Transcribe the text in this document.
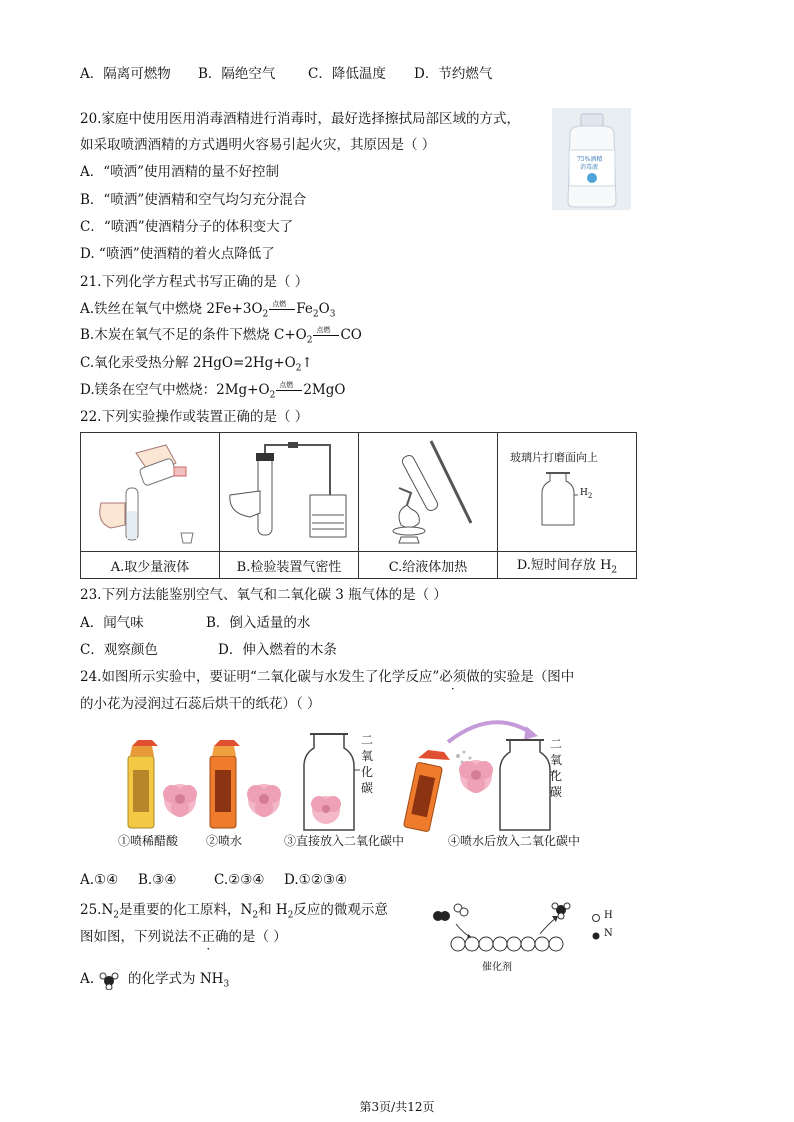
A．隔离可燃物 B．隔绝空气 C．降低温度 D．节约燃气
20.家庭中使用医用消毒酒精进行消毒时，最好选择擦拭局部区域的方式，
如采取喷洒酒精的方式遇明火容易引起火灾，其原因是（ ）
A．“喷洒”使用酒精的量不好控制
B．“喷洒”使酒精和空气均匀充分混合
C．“喷洒”使酒精分子的体积变大了
D. “喷洒”使酒精的着火点降低了
75%酒精
消毒液
21.下列化学方程式书写正确的是（ ）
A.铁丝在氧气中燃烧 $2Fe+3O_2$
点燃 $Fe_2O_3$
B.木炭在氧气不足的条件下燃烧 $C+O_2$
点燃 CO
C.氧化汞受热分解 $2HgO=2Hg+O_2↑$
D.镁条在空气中燃烧：$2Mg+O_2$
点燃 2MgO
22.下列实验操作或装置正确的是（ ）

玻璃片打磨面向上
$H_2$

A.取少量液体	B.检验装置气密性	C.给液体加热	D.短时间存放 $H_2$
23.下列方法能鉴别空气、氧气和二氧化碳 3 瓶气体的是（ ）
A．闻气味	B．倒入适量的水
C．观察颜色	D．伸入燃着的木条
24.如图所示实验中，要证明“二氧化碳与水发生了化学反应”必须做的实验是（图中
的小花为浸润过石蕊后烘干的纸花）（ ）
二
氧
化
碳
二
氧
化
碳
①喷稀醋酸 ②喷水	③直接放入二氧化碳中	④喷水后放入二氧化碳中
A.①④ B.③④	C.②③④ D.①②③④
$25.N_2$是重要的化工原料，$N_2$和 $H_2$反应的微观示意
图如图，下列说法不正确的是（ ）
H
N
催化剂
A.	的化学式为 $NH_3$
第3页/共12页
